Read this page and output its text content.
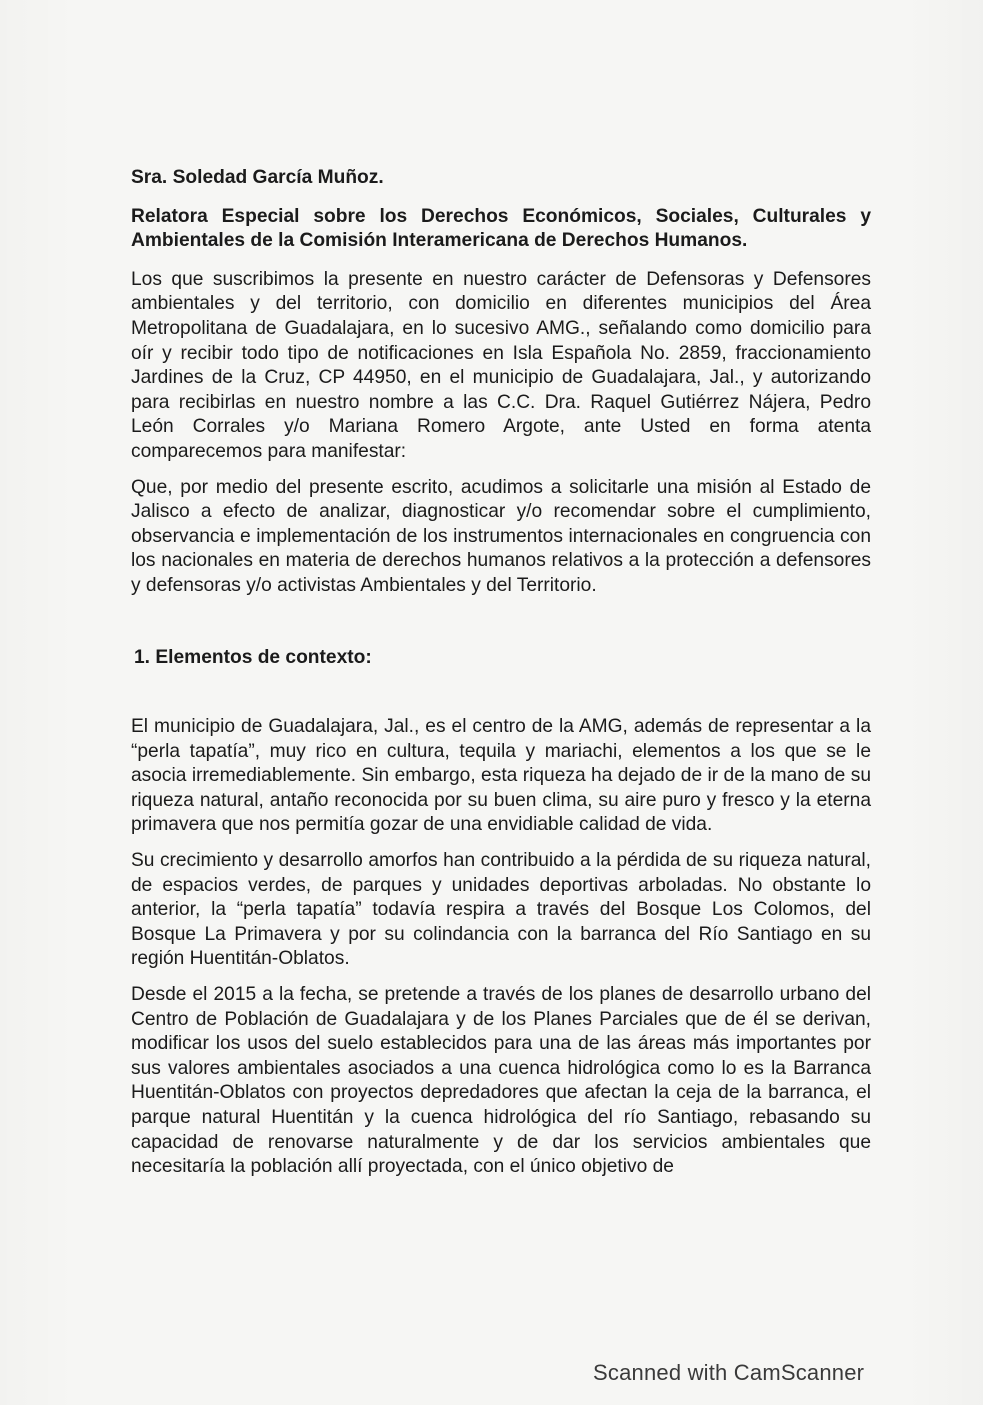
Sra. Soledad García Muñoz.
Relatora Especial sobre los Derechos Económicos, Sociales, Culturales y Ambientales de la Comisión Interamericana de Derechos Humanos.

Los que suscribimos la presente en nuestro carácter de Defensoras y Defensores ambientales y del territorio, con domicilio en diferentes municipios del Área Metropolitana de Guadalajara, en lo sucesivo AMG., señalando como domicilio para oír y recibir todo tipo de notificaciones en Isla Española No. 2859, fraccionamiento Jardines de la Cruz, CP 44950, en el municipio de Guadalajara, Jal., y autorizando para recibirlas en nuestro nombre a las C.C. Dra. Raquel Gutiérrez Nájera, Pedro León Corrales y/o Mariana Romero Argote, ante Usted en forma atenta comparecemos para manifestar:

Que, por medio del presente escrito, acudimos a solicitarle una misión al Estado de Jalisco a efecto de analizar, diagnosticar y/o recomendar sobre el cumplimiento, observancia e implementación de los instrumentos internacionales en congruencia con los nacionales en materia de derechos humanos relativos a la protección a defensores y defensoras y/o activistas Ambientales y del Territorio.

1. Elementos de contexto:

El municipio de Guadalajara, Jal., es el centro de la AMG, además de representar a la “perla tapatía”, muy rico en cultura, tequila y mariachi, elementos a los que se le asocia irremediablemente. Sin embargo, esta riqueza ha dejado de ir de la mano de su riqueza natural, antaño reconocida por su buen clima, su aire puro y fresco y la eterna primavera que nos permitía gozar de una envidiable calidad de vida.

Su crecimiento y desarrollo amorfos han contribuido a la pérdida de su riqueza natural, de espacios verdes, de parques y unidades deportivas arboladas. No obstante lo anterior, la “perla tapatía” todavía respira a través del Bosque Los Colomos, del Bosque La Primavera y por su colindancia con la barranca del Río Santiago en su región Huentitán-Oblatos.

Desde el 2015 a la fecha, se pretende a través de los planes de desarrollo urbano del Centro de Población de Guadalajara y de los Planes Parciales que de él se derivan, modificar los usos del suelo establecidos para una de las áreas más importantes por sus valores ambientales asociados a una cuenca hidrológica como lo es la Barranca Huentitán-Oblatos con proyectos depredadores que afectan la ceja de la barranca, el parque natural Huentitán y la cuenca hidrológica del río Santiago, rebasando su capacidad de renovarse naturalmente y de dar los servicios ambientales que necesitaría la población allí proyectada, con el único objetivo de

Scanned with CamScanner
